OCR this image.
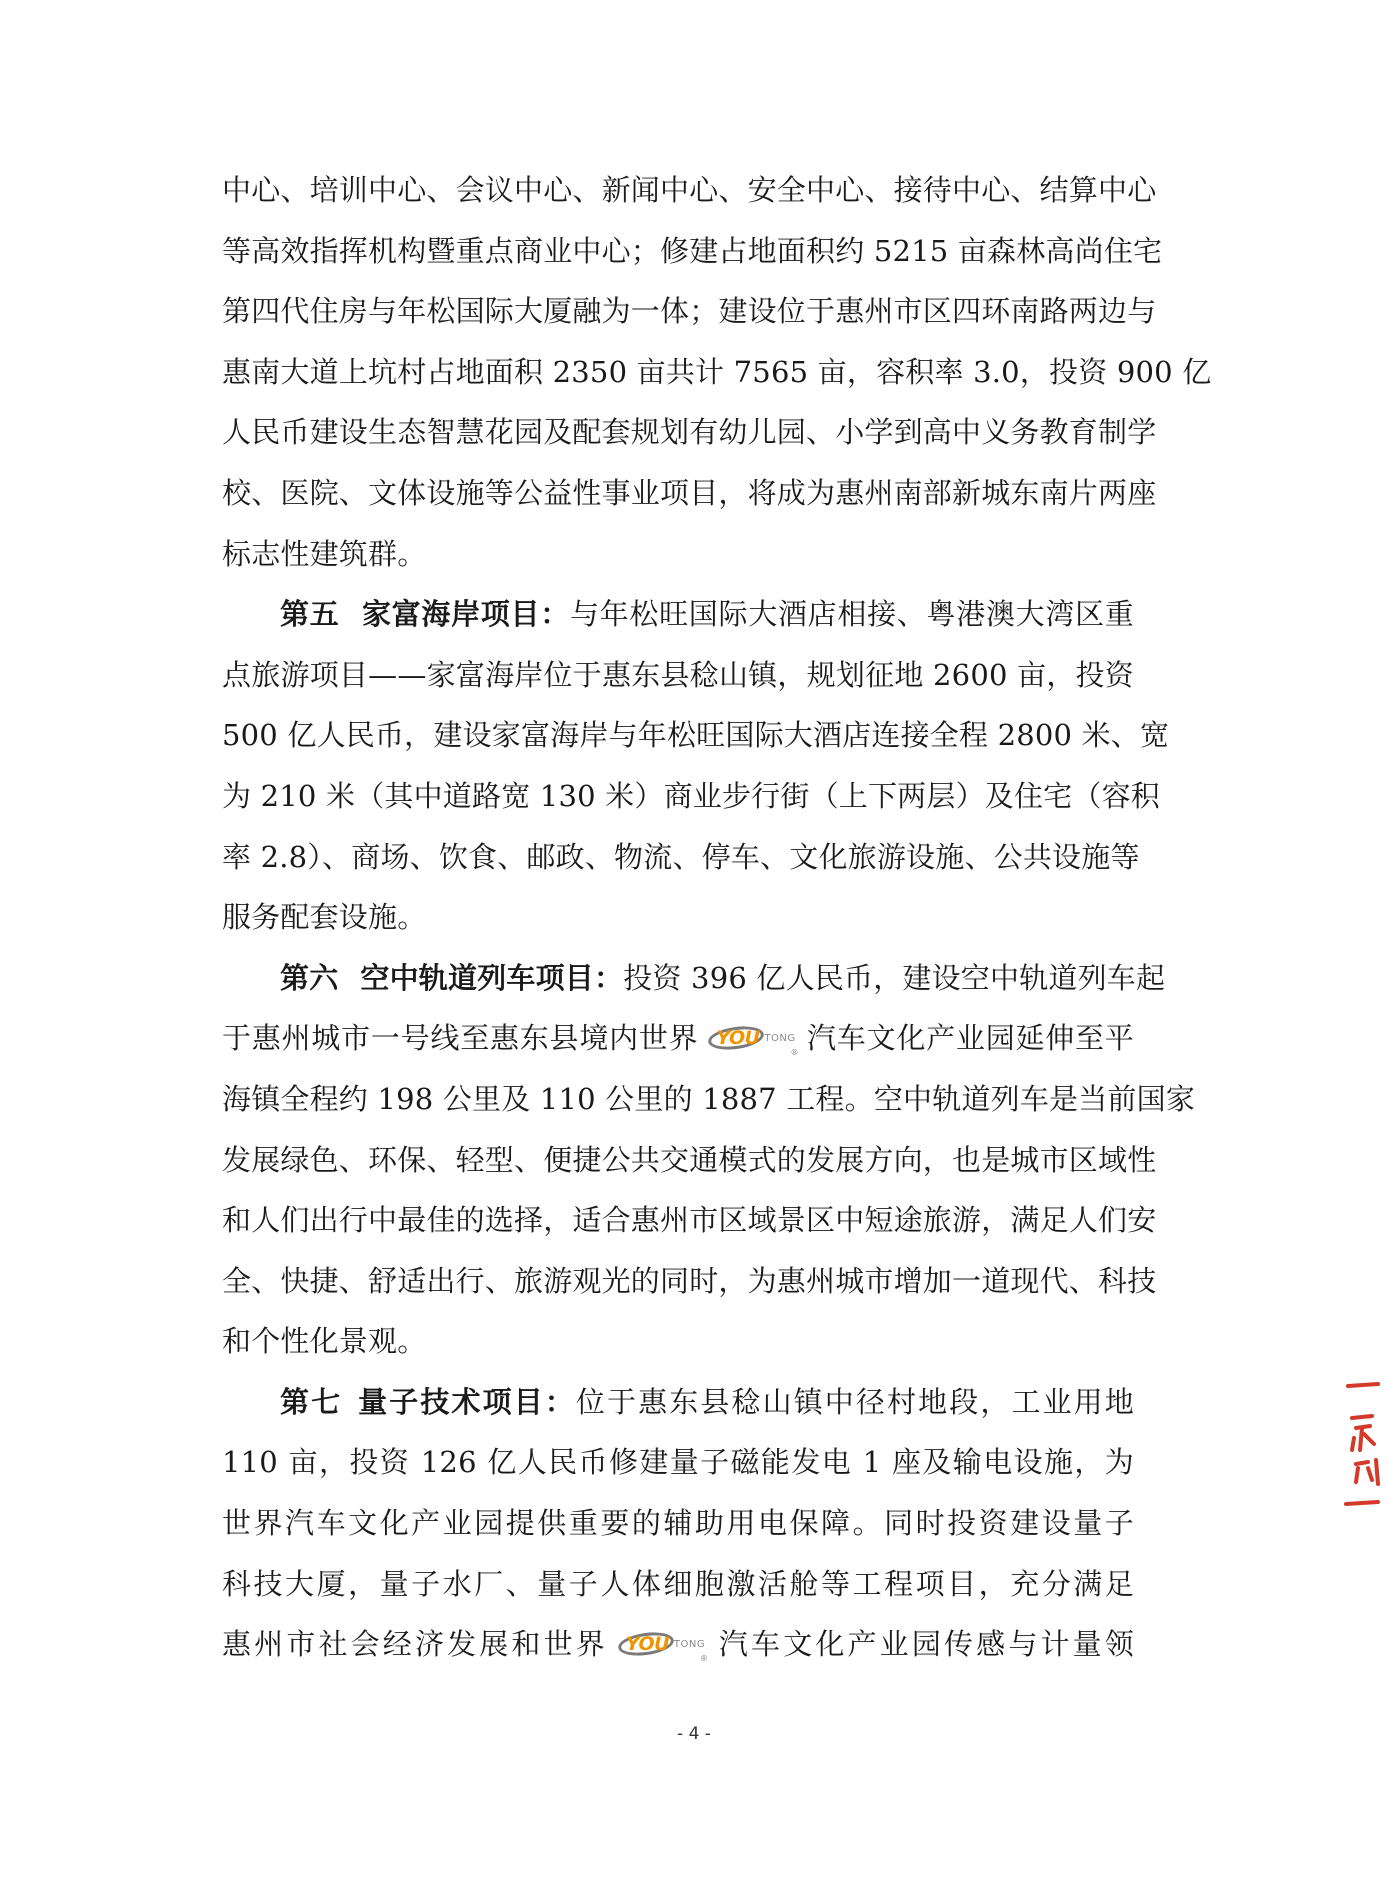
中心、培训中心、会议中心、新闻中心、安全中心、接待中心、结算中心
等高效指挥机构暨重点商业中心；修建占地面积约 5215 亩森林高尚住宅
第四代住房与年松国际大厦融为一体；建设位于惠州市区四环南路两边与
惠南大道上坑村占地面积 2350 亩共计 7565 亩，容积率 3.0，投资 900 亿
人民币建设生态智慧花园及配套规划有幼儿园、小学到高中义务教育制学
校、医院、文体设施等公益性事业项目，将成为惠州南部新城东南片两座
标志性建筑群。
第五 家富海岸项目：与年松旺国际大酒店相接、粤港澳大湾区重
点旅游项目——家富海岸位于惠东县稔山镇，规划征地 2600 亩，投资
500 亿人民币，建设家富海岸与年松旺国际大酒店连接全程 2800 米、宽
为 210 米（其中道路宽 130 米）商业步行街（上下两层）及住宅（容积
率 2.8）、商场、饮食、邮政、物流、停车、文化旅游设施、公共设施等
服务配套设施。
第六 空中轨道列车项目：投资 396 亿人民币，建设空中轨道列车起
于惠州城市一号线至惠东县境内世界 YOU TONG
® 汽车文化产业园延伸至平
海镇全程约 198 公里及 110 公里的 1887 工程。空中轨道列车是当前国家
发展绿色、环保、轻型、便捷公共交通模式的发展方向，也是城市区域性
和人们出行中最佳的选择，适合惠州市区域景区中短途旅游，满足人们安
全、快捷、舒适出行、旅游观光的同时，为惠州城市增加一道现代、科技
和个性化景观。
第七 量子技术项目：位于惠东县稔山镇中径村地段，工业用地
110 亩，投资 126 亿人民币修建量子磁能发电 1 座及输电设施，为
世界汽车文化产业园提供重要的辅助用电保障。同时投资建设量子
科技大厦，量子水厂、量子人体细胞激活舱等工程项目，充分满足
惠州市社会经济发展和世界 YOU TONG
® 汽车文化产业园传感与计量领
- 4 -
